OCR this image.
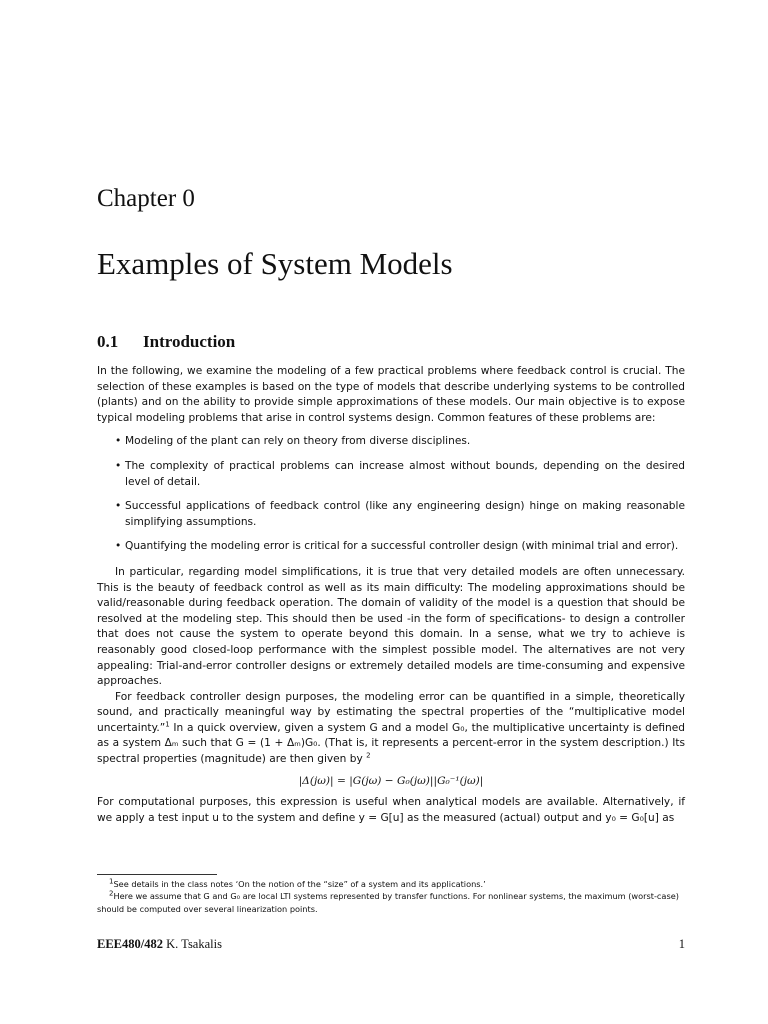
Chapter 0
Examples of System Models
0.1 Introduction

In the following, we examine the modeling of a few practical problems where feedback control is crucial. The selection of these examples is based on the type of models that describe underlying systems to be controlled (plants) and on the ability to provide simple approximations of these models. Our main objective is to expose typical modeling problems that arise in control systems design. Common features of these problems are:

• Modeling of the plant can rely on theory from diverse disciplines.
• The complexity of practical problems can increase almost without bounds, depending on the desired level of detail.
• Successful applications of feedback control (like any engineering design) hinge on making reasonable simplifying assumptions.
• Quantifying the modeling error is critical for a successful controller design (with minimal trial and error).

In particular, regarding model simplifications, it is true that very detailed models are often unnecessary. This is the beauty of feedback control as well as its main difficulty: The modeling approximations should be valid/reasonable during feedback operation. The domain of validity of the model is a question that should be resolved at the modeling step. This should then be used -in the form of specifications- to design a controller that does not cause the system to operate beyond this domain. In a sense, what we try to achieve is reasonably good closed-loop performance with the simplest possible model. The alternatives are not very appealing: Trial-and-error controller designs or extremely detailed models are time-consuming and expensive approaches.

For feedback controller design purposes, the modeling error can be quantified in a simple, theoretically sound, and practically meaningful way by estimating the spectral properties of the “multiplicative model uncertainty.”$^1$ In a quick overview, given a system G and a model G₀, the multiplicative uncertainty is defined as a system Δₘ such that G = (1 + Δₘ)G₀. (That is, it represents a percent-error in the system description.) Its spectral properties (magnitude) are then given by $^2$

|Δ(jω)| = |G(jω) − G₀(jω)||G₀⁻¹(jω)|

For computational purposes, this expression is useful when analytical models are available. Alternatively, if we apply a test input u to the system and define y = G[u] as the measured (actual) output and y₀ = G₀[u] as

$^1$See details in the class notes ‘On the notion of the “size” of a system and its applications.’

$^2$Here we assume that G and G₀ are local LTI systems represented by transfer functions. For nonlinear systems, the maximum (worst-case) should be computed over several linearization points.

EEE480/482 K. Tsakalis	1
